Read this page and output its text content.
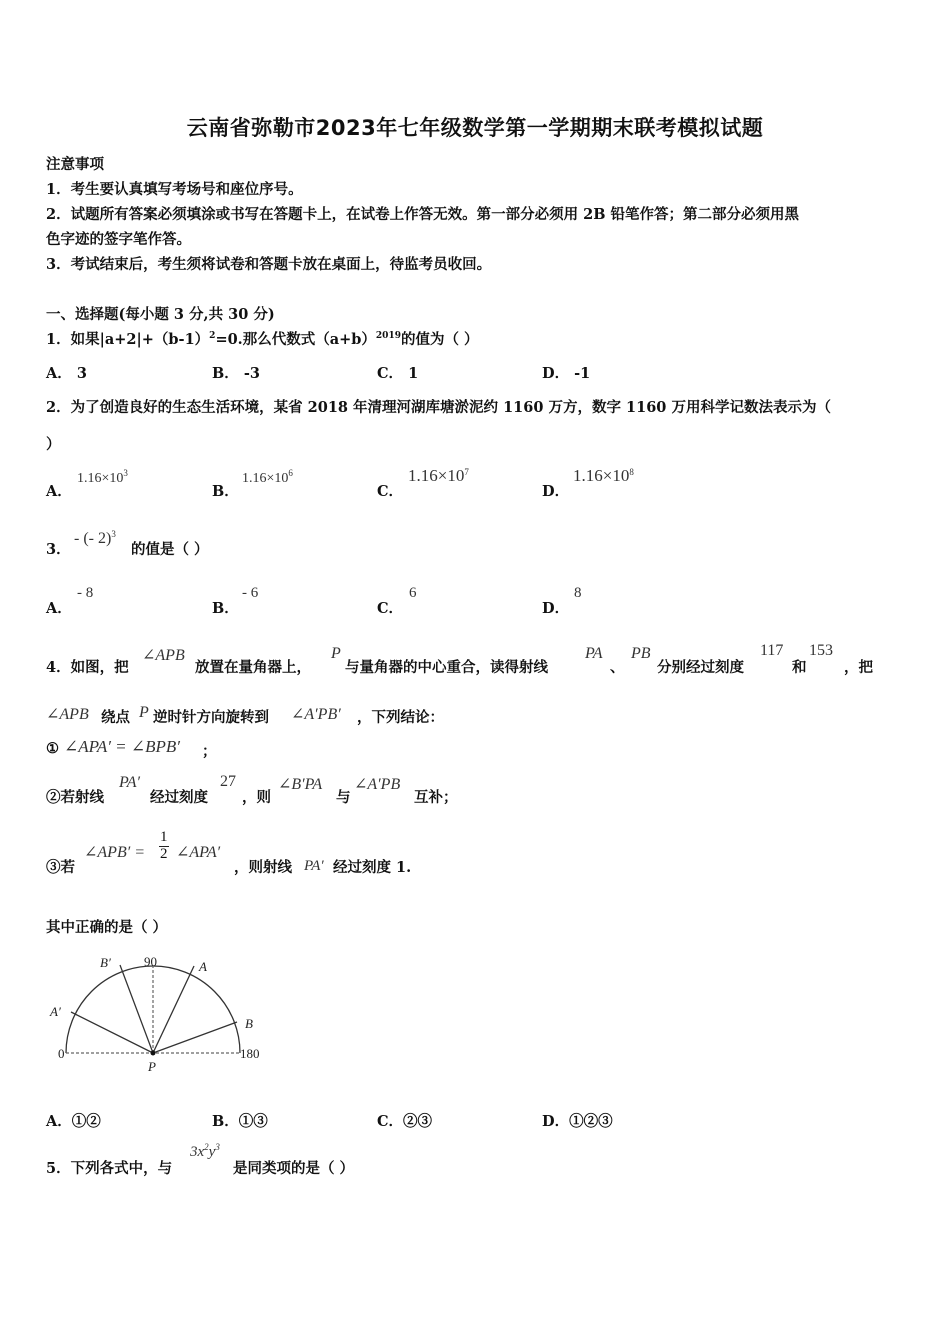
云南省弥勒市2023年七年级数学第一学期期末联考模拟试题
注意事项
1．考生要认真填写考场号和座位序号。
2．试题所有答案必须填涂或书写在答题卡上，在试卷上作答无效。第一部分必须用 2B 铅笔作答；第二部分必须用黑
色字迹的签字笔作答。
3．考试结束后，考生须将试卷和答题卡放在桌面上，待监考员收回。
一、选择题(每小题 3 分,共 30 分)
1．如果$|a+2|+(b-1)^2=0$.那么代数式$(a+b)^{2019}$的值为（ ）
A． 3	B． -3	C． 1	D． -1
2．为了创造良好的生态生活环境，某省 2018 年清理河湖库塘淤泥约 1160 万方，数字 1160 万用科学记数法表示为（
）
A．
$1.16\times 10^3$
B．
$1.16\times 10^6$
C．
$1.16\times 10^7$
D．
$1.16\times 10^8$
3．
- (- 2)$^3$
的值是（ ）
A．
- 8
B．
- 6
C．
6
D．
8
4．如图，把
∠APB
放置在量角器上，
P
与量角器的中心重合，读得射线
PA
、
PB
分别经过刻度
117
和
153
，把
∠APB 绕点 P 逆时针方向旋转到 ∠A′PB′ ，下列结论：
① ∠APA′ = ∠BPB′ ；
②若射线
PA′
经过刻度
27
，则
∠B′PA
与
∠A′PB
互补；
③若
∠APB′ = $\frac{1}{2}$ ∠APA′
，则射线 PA′ 经过刻度 1.
其中正确的是（ ）
90
0	180
A
B
A′
B′
P
A．①②	B．①③	C．②③	D．①②③
5．下列各式中，与
$3x^2y^3$
是同类项的是（ ）
